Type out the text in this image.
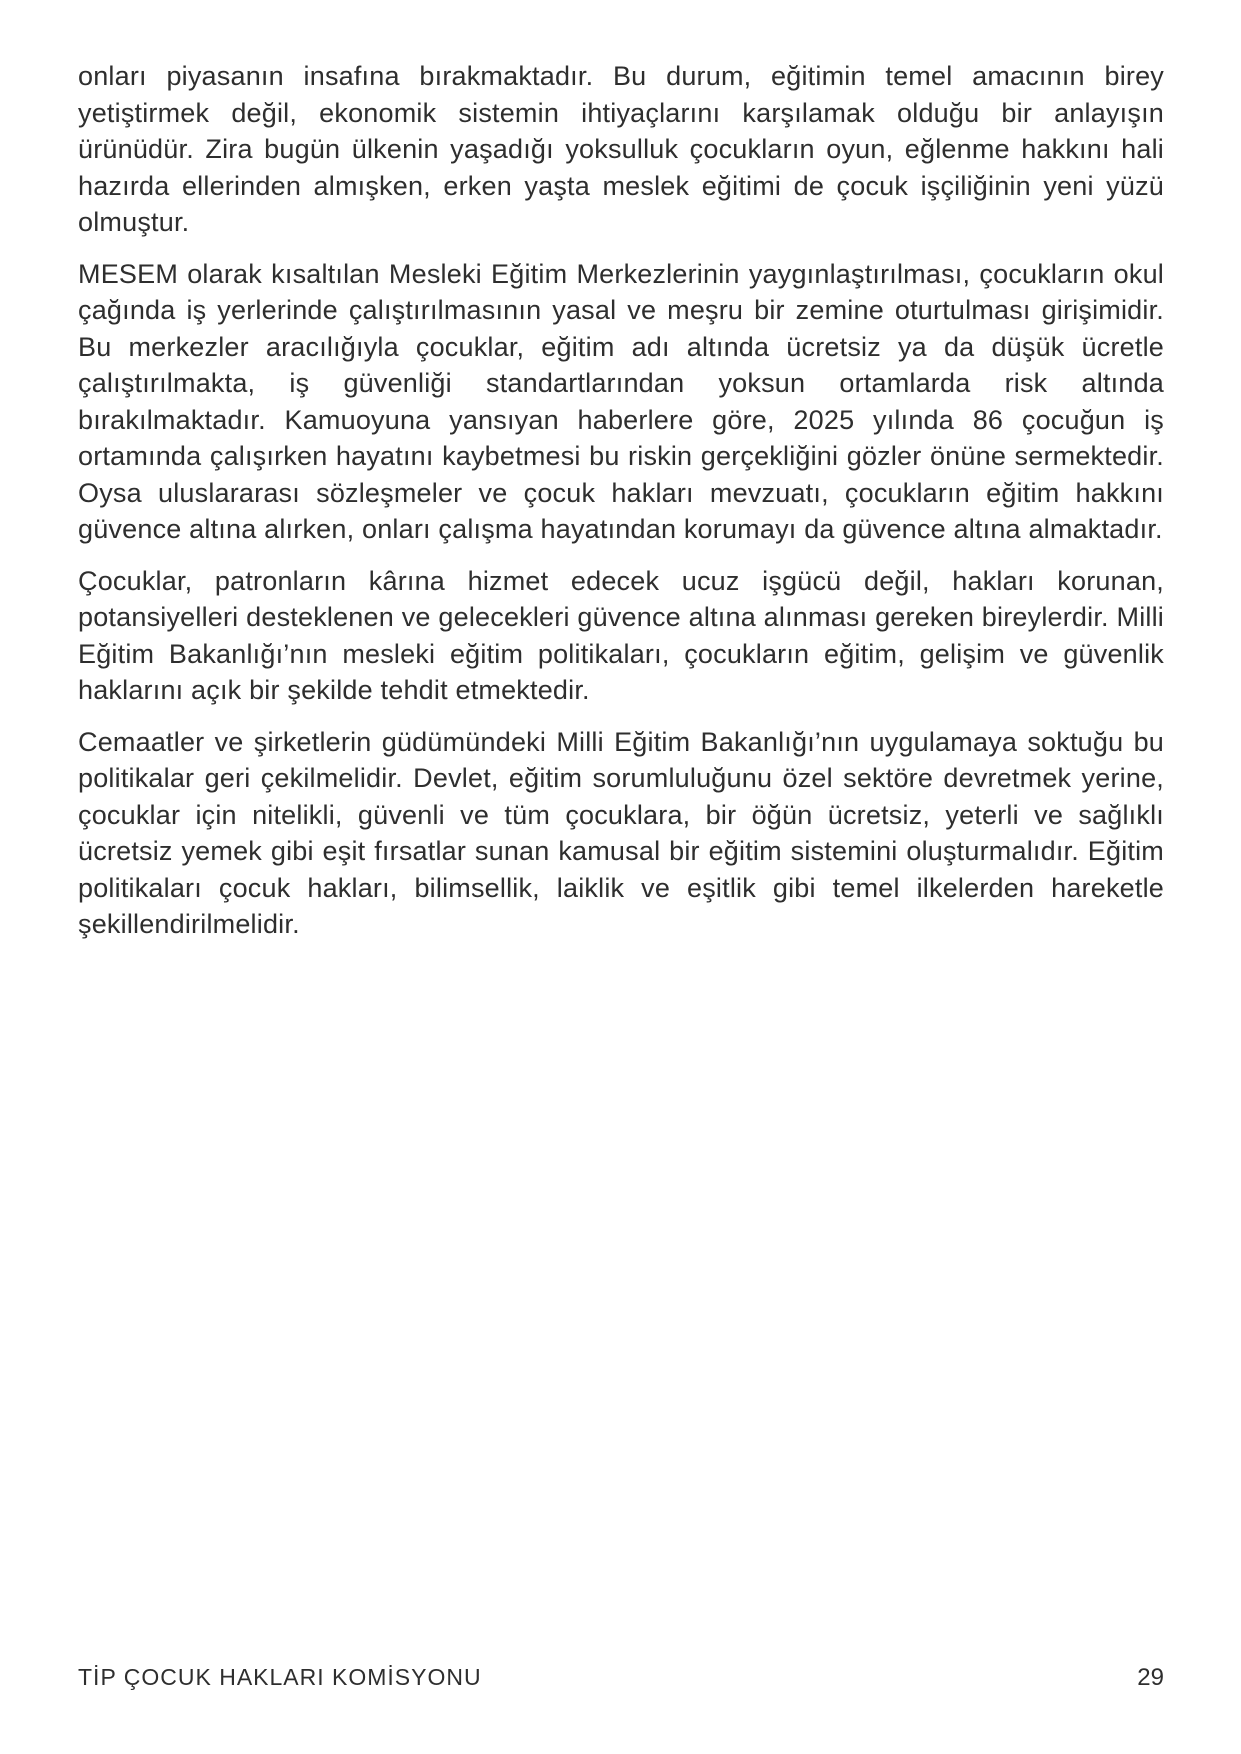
onları piyasanın insafına bırakmaktadır. Bu durum, eğitimin temel amacının birey yetiştirmek değil, ekonomik sistemin ihtiyaçlarını karşılamak olduğu bir anlayışın ürünüdür. Zira bugün ülkenin yaşadığı yoksulluk çocukların oyun, eğlenme hakkını hali hazırda ellerinden almışken, erken yaşta meslek eğitimi de çocuk işçiliğinin yeni yüzü olmuştur.

MESEM olarak kısaltılan Mesleki Eğitim Merkezlerinin yaygınlaştırılması, çocukların okul çağında iş yerlerinde çalıştırılmasının yasal ve meşru bir zemine oturtulması girişimidir. Bu merkezler aracılığıyla çocuklar, eğitim adı altında ücretsiz ya da düşük ücretle çalıştırılmakta, iş güvenliği standartlarından yoksun ortamlarda risk altında bırakılmaktadır. Kamuoyuna yansıyan haberlere göre, 2025 yılında 86 çocuğun iş ortamında çalışırken hayatını kaybetmesi bu riskin gerçekliğini gözler önüne sermektedir. Oysa uluslararası sözleşmeler ve çocuk hakları mevzuatı, çocukların eğitim hakkını güvence altına alırken, onları çalışma hayatından korumayı da güvence altına almaktadır.

Çocuklar, patronların kârına hizmet edecek ucuz işgücü değil, hakları korunan, potansiyelleri desteklenen ve gelecekleri güvence altına alınması gereken bireylerdir. Milli Eğitim Bakanlığı’nın mesleki eğitim politikaları, çocukların eğitim, gelişim ve güvenlik haklarını açık bir şekilde tehdit etmektedir.

Cemaatler ve şirketlerin güdümündeki Milli Eğitim Bakanlığı’nın uygulamaya soktuğu bu politikalar geri çekilmelidir. Devlet, eğitim sorumluluğunu özel sektöre devretmek yerine, çocuklar için nitelikli, güvenli ve tüm çocuklara, bir öğün ücretsiz, yeterli ve sağlıklı ücretsiz yemek gibi eşit fırsatlar sunan kamusal bir eğitim sistemini oluşturmalıdır. Eğitim politikaları çocuk hakları, bilimsellik, laiklik ve eşitlik gibi temel ilkelerden hareketle şekillendirilmelidir.

TİP ÇOCUK HAKLARI KOMİSYONU	29
